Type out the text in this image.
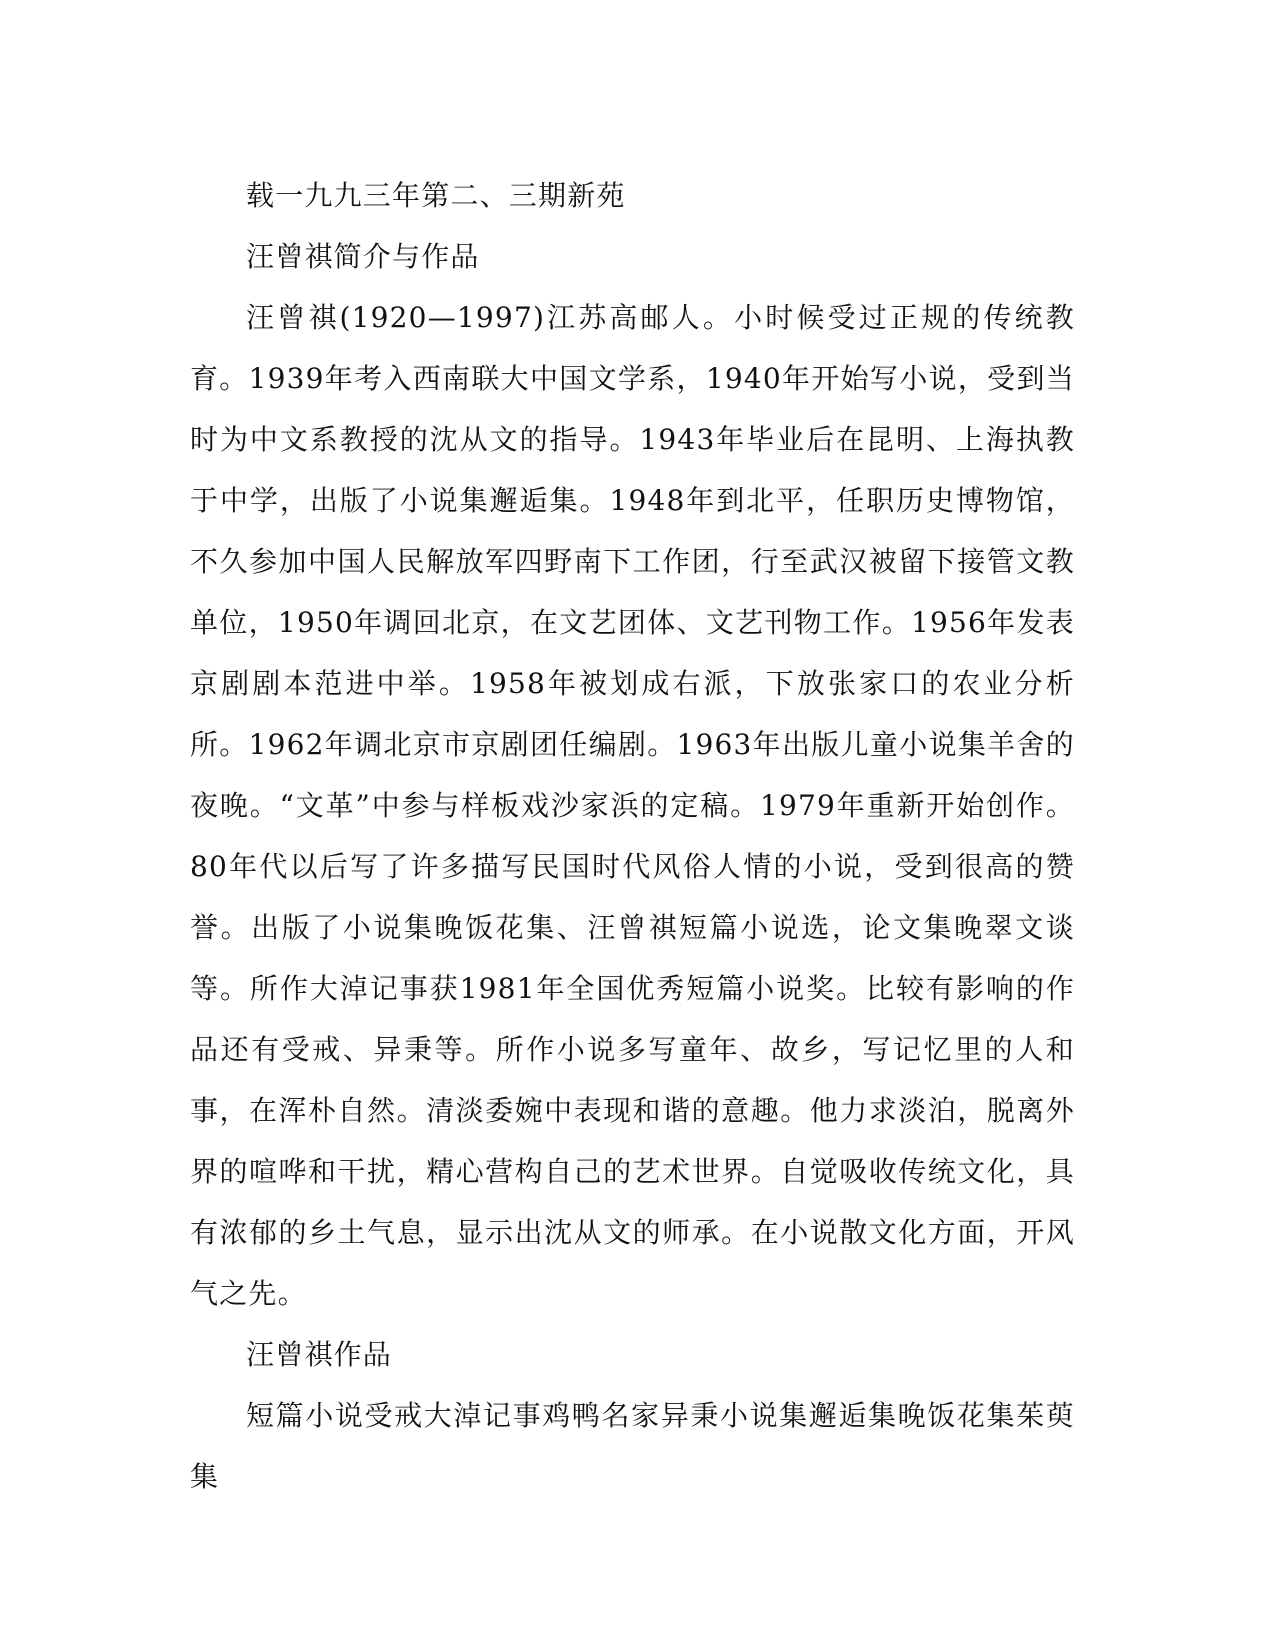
载一九九三年第二、三期新苑

汪曾祺简介与作品

汪曾祺(1920—1997)江苏高邮人。小时候受过正规的传统教育。1939年考入西南联大中国文学系，1940年开始写小说，受到当时为中文系教授的沈从文的指导。1943年毕业后在昆明、上海执教于中学，出版了小说集邂逅集。1948年到北平，任职历史博物馆，不久参加中国人民解放军四野南下工作团，行至武汉被留下接管文教单位，1950年调回北京，在文艺团体、文艺刊物工作。1956年发表京剧剧本范进中举。1958年被划成右派，下放张家口的农业分析所。1962年调北京市京剧团任编剧。1963年出版儿童小说集羊舍的夜晚。“文革”中参与样板戏沙家浜的定稿。1979年重新开始创作。80年代以后写了许多描写民国时代风俗人情的小说，受到很高的赞誉。出版了小说集晚饭花集、汪曾祺短篇小说选，论文集晚翠文谈等。所作大淖记事获1981年全国优秀短篇小说奖。比较有影响的作品还有受戒、异秉等。所作小说多写童年、故乡，写记忆里的人和事，在浑朴自然。清淡委婉中表现和谐的意趣。他力求淡泊，脱离外界的喧哗和干扰，精心营构自己的艺术世界。自觉吸收传统文化，具有浓郁的乡土气息，显示出沈从文的师承。在小说散文化方面，开风气之先。

汪曾祺作品

短篇小说受戒大淖记事鸡鸭名家异秉小说集邂逅集晚饭花集茱萸集
